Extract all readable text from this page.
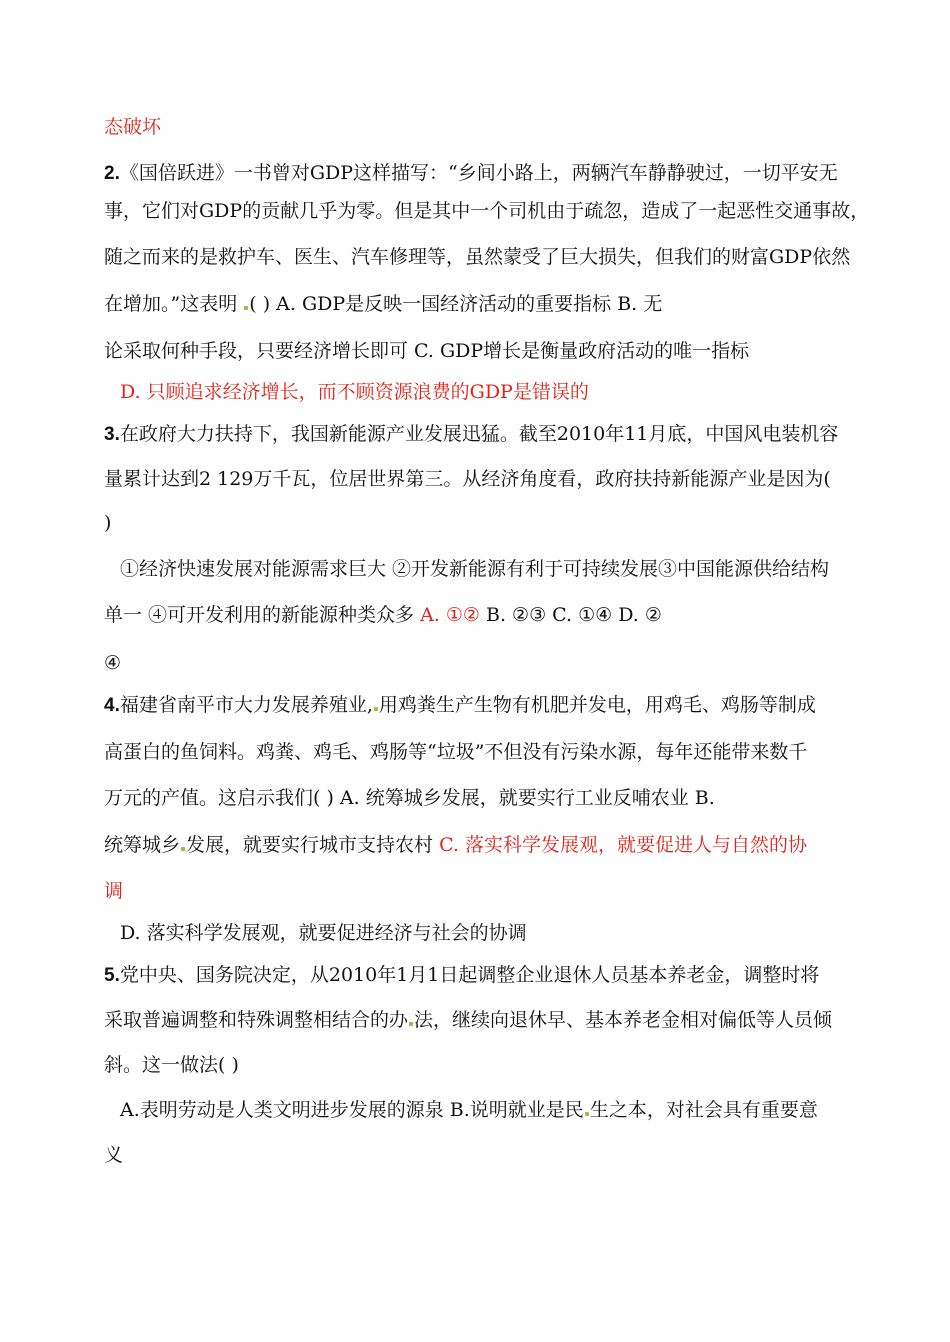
态破坏
2.《国倍跃进》一书曾对GDP这样描写：“乡间小路上，两辆汽车静静驶过，一切平安无
事，它们对GDP的贡献几乎为零。但是其中一个司机由于疏忽，造成了一起恶性交通事故，
随之而来的是救护车、医生、汽车修理等，虽然蒙受了巨大损失，但我们的财富GDP依然
在增加。”这表明 ( ) A. GDP是反映一国经济活动的重要指标 B. 无
论采取何种手段，只要经济增长即可 C. GDP增长是衡量政府活动的唯一指标
D. 只顾追求经济增长，而不顾资源浪费的GDP是错误的
3.在政府大力扶持下，我国新能源产业发展迅猛。截至2010年11月底，中国风电装机容
量累计达到2 129万千瓦，位居世界第三。从经济角度看，政府扶持新能源产业是因为(
)
①经济快速发展对能源需求巨大 ②开发新能源有利于可持续发展③中国能源供给结构
单一 ④可开发利用的新能源种类众多 A. ①② B. ②③ C. ①④ D. ②
④
4.福建省南平市大力发展养殖业, 用鸡粪生产生物有机肥并发电，用鸡毛、鸡肠等制成
高蛋白的鱼饲料。鸡粪、鸡毛、鸡肠等“垃圾”不但没有污染水源，每年还能带来数千
万元的产值。这启示我们( ) A. 统筹城乡发展，就要实行工业反哺农业 B.
统筹城乡 发展，就要实行城市支持农村 C. 落实科学发展观，就要促进人与自然的协
调
D. 落实科学发展观，就要促进经济与社会的协调
5.党中央、国务院决定，从2010年1月1日起调整企业退休人员基本养老金，调整时将
采取普遍调整和特殊调整相结合的办 法，继续向退休早、基本养老金相对偏低等人员倾
斜。这一做法( )
A.表明劳动是人类文明进步发展的源泉 B.说明就业是民 生之本，对社会具有重要意
义
